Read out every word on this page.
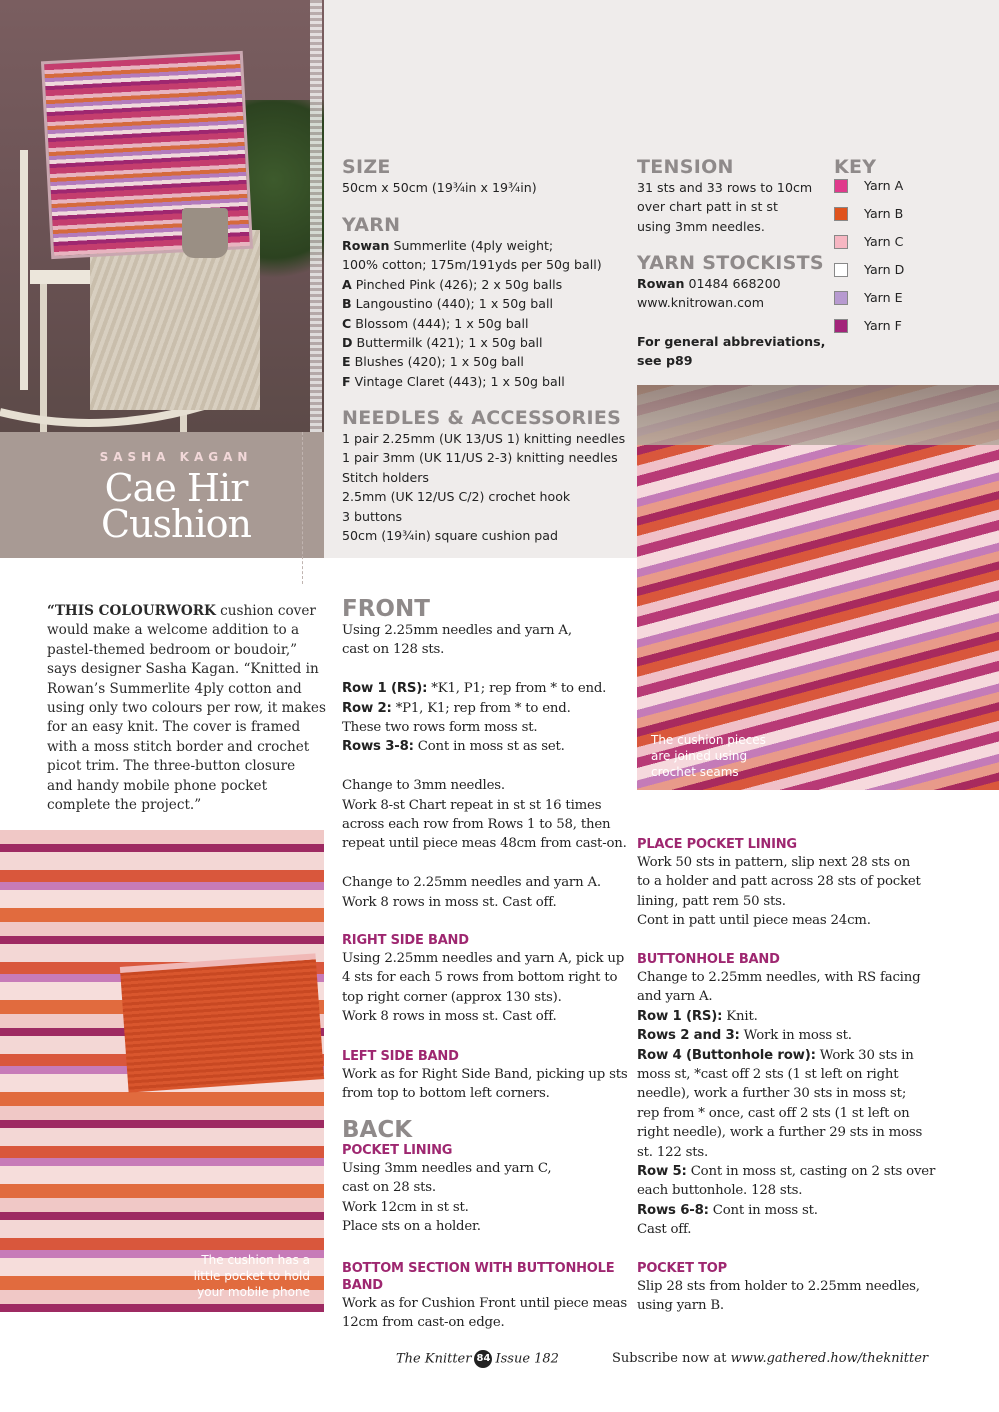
SASHA KAGAN
Cae Hir
Cushion
“THIS COLOURWORK cushion cover
would make a welcome addition to a
pastel-themed bedroom or boudoir,”
says designer Sasha Kagan. “Knitted in
Rowan’s Summerlite 4ply cotton and
using only two colours per row, it makes
for an easy knit. The cover is framed
with a moss stitch border and crochet
picot trim. The three-button closure
and handy mobile phone pocket
complete the project.”
The cushion has a
little pocket to hold
your mobile phone
The cushion pieces
are joined using
crochet seams
SIZE
50cm x 50cm (19¾in x 19¾in)
YARN
Rowan Summerlite (4ply weight;
100% cotton; 175m/191yds per 50g ball)
A Pinched Pink (426); 2 x 50g balls
B Langoustino (440); 1 x 50g ball
C Blossom (444); 1 x 50g ball
D Buttermilk (421); 1 x 50g ball
E Blushes (420); 1 x 50g ball
F Vintage Claret (443); 1 x 50g ball
NEEDLES & ACCESSORIES
1 pair 2.25mm (UK 13/US 1) knitting needles
1 pair 3mm (UK 11/US 2-3) knitting needles
Stitch holders
2.5mm (UK 12/US C/2) crochet hook
3 buttons
50cm (19¾in) square cushion pad
TENSION
31 sts and 33 rows to 10cm
over chart patt in st st
using 3mm needles.
YARN STOCKISTS
Rowan 01484 668200
www.knitrowan.com
For general abbreviations,
see p89
KEY
Yarn A
Yarn B
Yarn C
Yarn D
Yarn E
Yarn F
FRONT
Using 2.25mm needles and yarn A,
cast on 128 sts.

Row 1 (RS): *K1, P1; rep from * to end.
Row 2: *P1, K1; rep from * to end.
These two rows form moss st.
Rows 3-8: Cont in moss st as set.

Change to 3mm needles.
Work 8-st Chart repeat in st st 16 times
across each row from Rows 1 to 58, then
repeat until piece meas 48cm from cast-on.

Change to 2.25mm needles and yarn A.
Work 8 rows in moss st. Cast off.
RIGHT SIDE BAND
Using 2.25mm needles and yarn A, pick up
4 sts for each 5 rows from bottom right to
top right corner (approx 130 sts).
Work 8 rows in moss st. Cast off.
LEFT SIDE BAND
Work as for Right Side Band, picking up sts
from top to bottom left corners.
BACK
POCKET LINING
Using 3mm needles and yarn C,
cast on 28 sts.
Work 12cm in st st.
Place sts on a holder.
BOTTOM SECTION WITH BUTTONHOLE BAND
Work as for Cushion Front until piece meas
12cm from cast-on edge.
PLACE POCKET LINING
Work 50 sts in pattern, slip next 28 sts on
to a holder and patt across 28 sts of pocket
lining, patt rem 50 sts.
Cont in patt until piece meas 24cm.
BUTTONHOLE BAND
Change to 2.25mm needles, with RS facing
and yarn A.
Row 1 (RS): Knit.
Rows 2 and 3: Work in moss st.
Row 4 (Buttonhole row): Work 30 sts in
moss st, *cast off 2 sts (1 st left on right
needle), work a further 30 sts in moss st;
rep from * once, cast off 2 sts (1 st left on
right needle), work a further 29 sts in moss
st. 122 sts.
Row 5: Cont in moss st, casting on 2 sts over
each buttonhole. 128 sts.
Rows 6-8: Cont in moss st.
Cast off.
POCKET TOP
Slip 28 sts from holder to 2.25mm needles,
using yarn B.
The Knitter 84 Issue 182	Subscribe now at www.gathered.how/theknitter
